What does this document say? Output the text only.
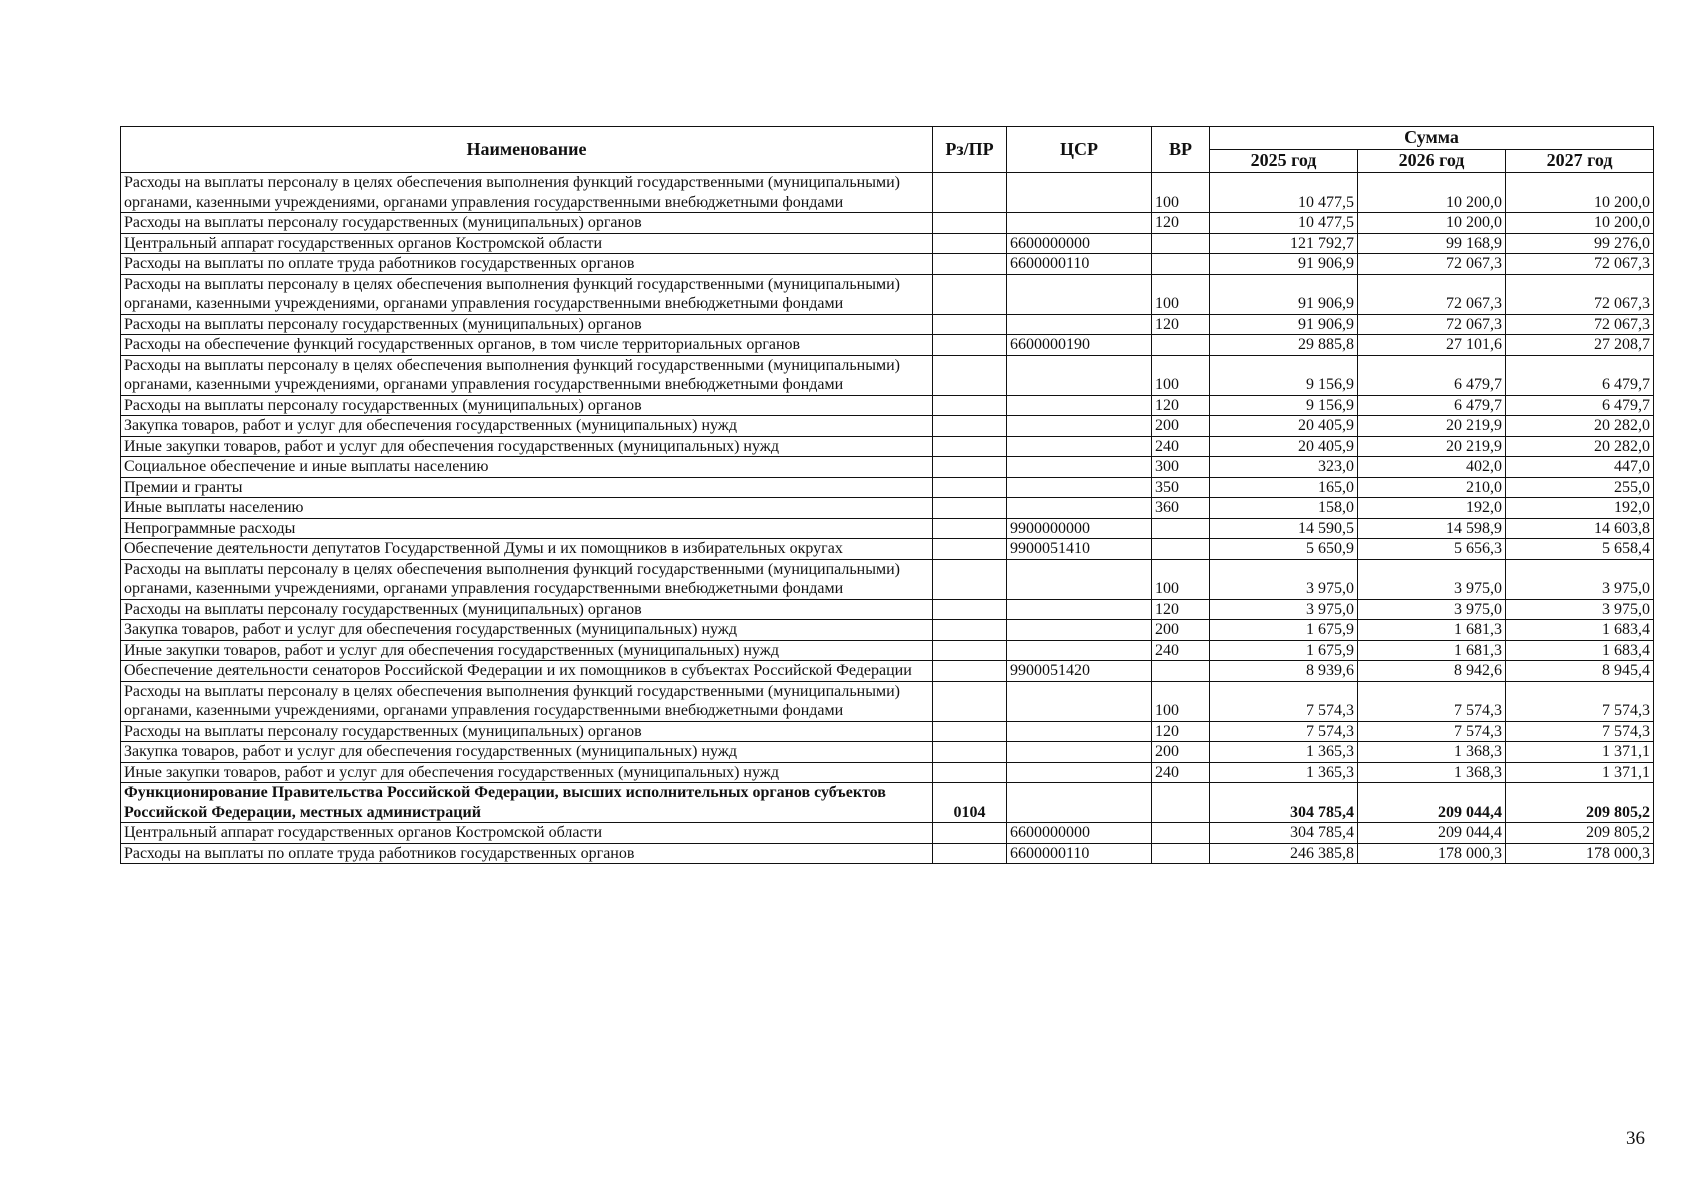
Наименование	Рз/ПР	ЦСР	ВР	Сумма		
				2025 год	2026 год	2027 год
Расходы на выплаты персоналу в целях обеспечения выполнения функций государственными (муниципальными) органами, казенными учреждениями, органами управления государственными внебюджетными фондами			100	10 477,5	10 200,0	10 200,0
Расходы на выплаты персоналу государственных (муниципальных) органов			120	10 477,5	10 200,0	10 200,0
Центральный аппарат государственных органов Костромской области		6600000000		121 792,7	99 168,9	99 276,0
Расходы на выплаты по оплате труда работников государственных органов		6600000110		91 906,9	72 067,3	72 067,3
Расходы на выплаты персоналу в целях обеспечения выполнения функций государственными (муниципальными) органами, казенными учреждениями, органами управления государственными внебюджетными фондами			100	91 906,9	72 067,3	72 067,3
Расходы на выплаты персоналу государственных (муниципальных) органов			120	91 906,9	72 067,3	72 067,3
Расходы на обеспечение функций государственных органов, в том числе территориальных органов		6600000190		29 885,8	27 101,6	27 208,7
Расходы на выплаты персоналу в целях обеспечения выполнения функций государственными (муниципальными) органами, казенными учреждениями, органами управления государственными внебюджетными фондами			100	9 156,9	6 479,7	6 479,7
Расходы на выплаты персоналу государственных (муниципальных) органов			120	9 156,9	6 479,7	6 479,7
Закупка товаров, работ и услуг для обеспечения государственных (муниципальных) нужд			200	20 405,9	20 219,9	20 282,0
Иные закупки товаров, работ и услуг для обеспечения государственных (муниципальных) нужд			240	20 405,9	20 219,9	20 282,0
Социальное обеспечение и иные выплаты населению			300	323,0	402,0	447,0
Премии и гранты			350	165,0	210,0	255,0
Иные выплаты населению			360	158,0	192,0	192,0
Непрограммные расходы		9900000000		14 590,5	14 598,9	14 603,8
Обеспечение деятельности депутатов Государственной Думы и их помощников в избирательных округах		9900051410		5 650,9	5 656,3	5 658,4
Расходы на выплаты персоналу в целях обеспечения выполнения функций государственными (муниципальными) органами, казенными учреждениями, органами управления государственными внебюджетными фондами			100	3 975,0	3 975,0	3 975,0
Расходы на выплаты персоналу государственных (муниципальных) органов			120	3 975,0	3 975,0	3 975,0
Закупка товаров, работ и услуг для обеспечения государственных (муниципальных) нужд			200	1 675,9	1 681,3	1 683,4
Иные закупки товаров, работ и услуг для обеспечения государственных (муниципальных) нужд			240	1 675,9	1 681,3	1 683,4
Обеспечение деятельности сенаторов Российской Федерации и их помощников в субъектах Российской Федерации		9900051420		8 939,6	8 942,6	8 945,4
Расходы на выплаты персоналу в целях обеспечения выполнения функций государственными (муниципальными) органами, казенными учреждениями, органами управления государственными внебюджетными фондами			100	7 574,3	7 574,3	7 574,3
Расходы на выплаты персоналу государственных (муниципальных) органов			120	7 574,3	7 574,3	7 574,3
Закупка товаров, работ и услуг для обеспечения государственных (муниципальных) нужд			200	1 365,3	1 368,3	1 371,1
Иные закупки товаров, работ и услуг для обеспечения государственных (муниципальных) нужд			240	1 365,3	1 368,3	1 371,1
Функционирование Правительства Российской Федерации, высших исполнительных органов субъектов Российской Федерации, местных администраций	0104			304 785,4	209 044,4	209 805,2
Центральный аппарат государственных органов Костромской области		6600000000		304 785,4	209 044,4	209 805,2
Расходы на выплаты по оплате труда работников государственных органов		6600000110		246 385,8	178 000,3	178 000,3
36
